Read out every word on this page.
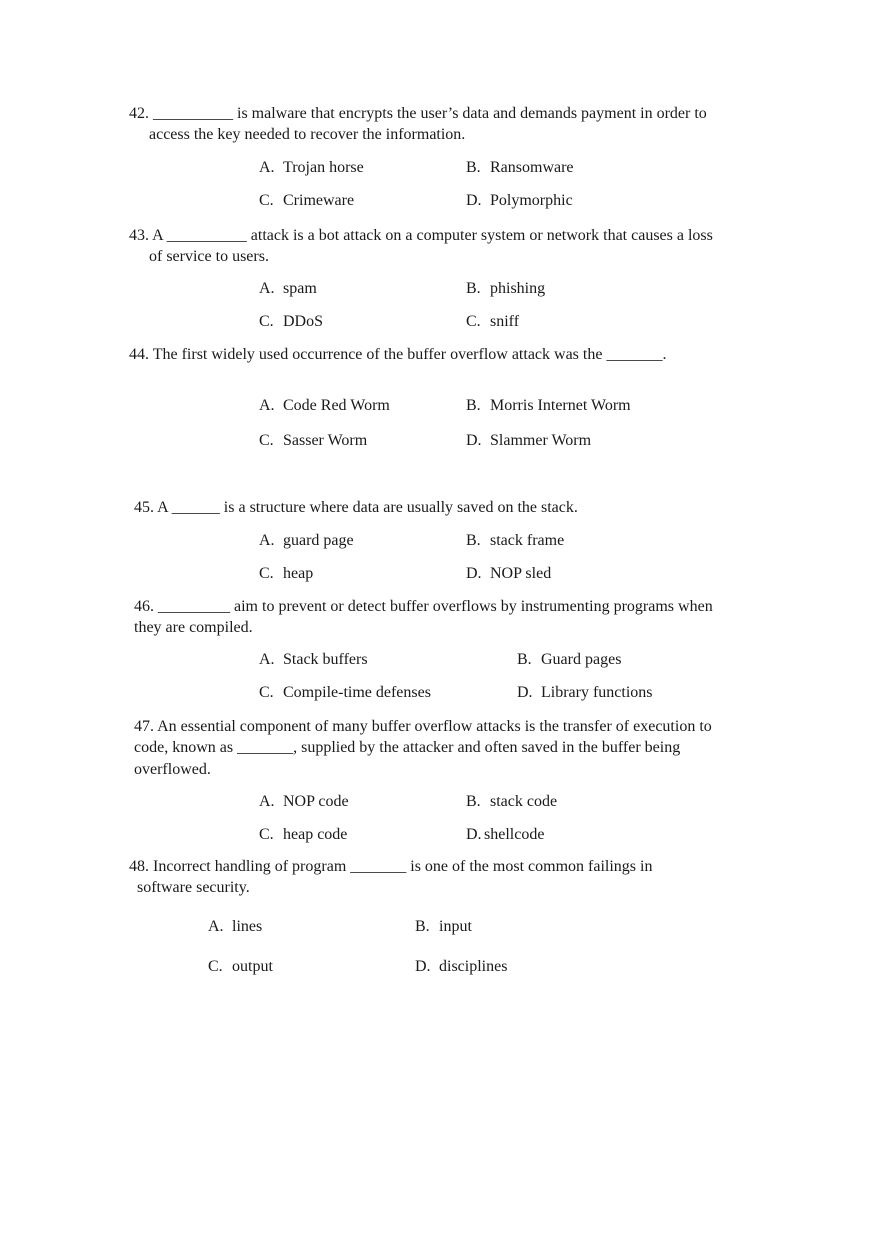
42. __________ is malware that encrypts the user’s data and demands payment in order to
access the key needed to recover the information.
A. Trojan horse	B. Ransomware
C. Crimeware	D. Polymorphic
43. A __________ attack is a bot attack on a computer system or network that causes a loss
of service to users.
A. spam	B. phishing
C. DDoS	C. sniff
44. The first widely used occurrence of the buffer overflow attack was the _______.
A. Code Red Worm	B. Morris Internet Worm
C. Sasser Worm	D. Slammer Worm
45. A ______ is a structure where data are usually saved on the stack.
A. guard page	B. stack frame
C. heap	D. NOP sled
46. _________ aim to prevent or detect buffer overflows by instrumenting programs when
they are compiled.
A. Stack buffers	B. Guard pages
C. Compile-time defenses	D. Library functions
47. An essential component of many buffer overflow attacks is the transfer of execution to
code, known as _______, supplied by the attacker and often saved in the buffer being
overflowed.
A. NOP code	B. stack code
C. heap code	D. shellcode
48. Incorrect handling of program _______ is one of the most common failings in
software security.
A. lines	B. input
C. output	D. disciplines
